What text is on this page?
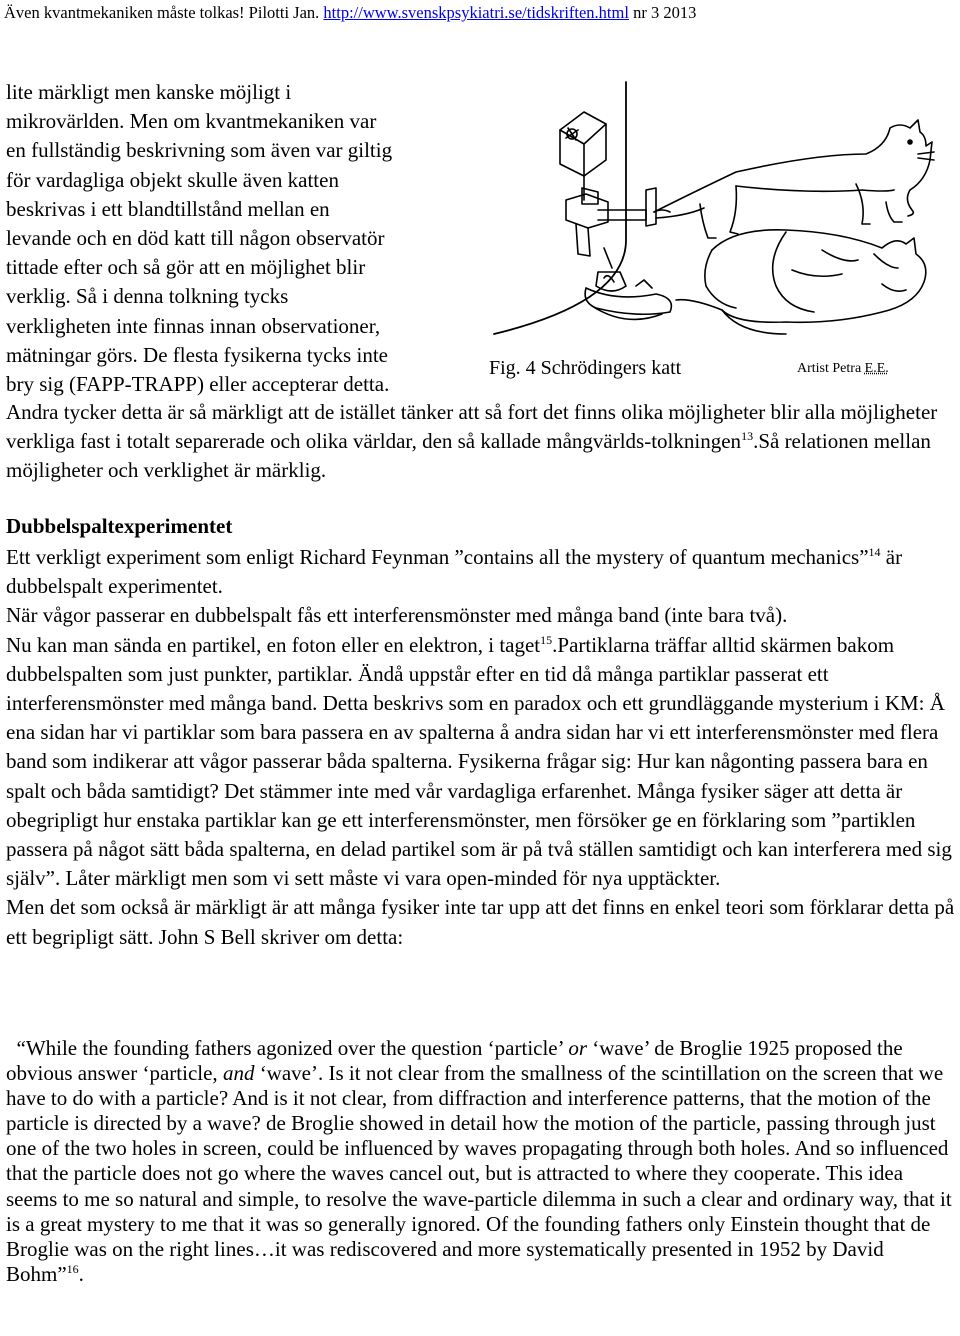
Även kvantmekaniken måste tolkas! Pilotti Jan. http://www.svenskpsykiatri.se/tidskriften.html nr 3 2013
lite märkligt men kanske möjligt i
mikrovärlden. Men om kvantmekaniken var
en fullständig beskrivning som även var giltig
för vardagliga objekt skulle även katten
beskrivas i ett blandtillstånd mellan en
levande och en död katt till någon observatör
tittade efter och så gör att en möjlighet blir
verklig. Så i denna tolkning tycks
verkligheten inte finnas innan observationer,
mätningar görs. De flesta fysikerna tycks inte
bry sig (FAPP-TRAPP) eller accepterar detta.
Fig. 4 Schrödingers katt	Artist Petra E.E.

Andra tycker detta är så märkligt att de istället tänker att så fort det finns olika möjligheter blir alla möjligheter verkliga fast i totalt separerade och olika världar, den så kallade mångvärlds-tolkningen$^{13}$.Så relationen mellan möjligheter och verklighet är märklig.

Dubbelspaltexperimentet

Ett verkligt experiment som enligt Richard Feynman ”contains all the mystery of quantum mechanics”$^{14}$ är dubbelspalt experimentet.

När vågor passerar en dubbelspalt fås ett interferensmönster med många band (inte bara två).

Nu kan man sända en partikel, en foton eller en elektron, i taget$^{15}$.Partiklarna träffar alltid skärmen bakom dubbelspalten som just punkter, partiklar. Ändå uppstår efter en tid då många partiklar passerat ett interferensmönster med många band. Detta beskrivs som en paradox och ett grundläggande mysterium i KM: Å ena sidan har vi partiklar som bara passera en av spalterna å andra sidan har vi ett interferensmönster med flera band som indikerar att vågor passerar båda spalterna. Fysikerna frågar sig: Hur kan någonting passera bara en spalt och båda samtidigt? Det stämmer inte med vår vardagliga erfarenhet. Många fysiker säger att detta är obegripligt hur enstaka partiklar kan ge ett interferensmönster, men försöker ge en förklaring som ”partiklen passera på något sätt båda spalterna, en delad partikel som är på två ställen samtidigt och kan interferera med sig själv”. Låter märkligt men som vi sett måste vi vara open-minded för nya upptäckter.

Men det som också är märkligt är att många fysiker inte tar upp att det finns en enkel teori som förklarar detta på ett begripligt sätt. John S Bell skriver om detta:

“While the founding fathers agonized over the question ‘particle’ or ‘wave’ de Broglie 1925 proposed the obvious answer ‘particle, and ‘wave’. Is it not clear from the smallness of the scintillation on the screen that we have to do with a particle? And is it not clear, from diffraction and interference patterns, that the motion of the particle is directed by a wave? de Broglie showed in detail how the motion of the particle, passing through just one of the two holes in screen, could be influenced by waves propagating through both holes. And so influenced that the particle does not go where the waves cancel out, but is attracted to where they cooperate. This idea seems to me so natural and simple, to resolve the wave-particle dilemma in such a clear and ordinary way, that it is a great mystery to me that it was so generally ignored. Of the founding fathers only Einstein thought that de Broglie was on the right lines…it was rediscovered and more systematically presented in 1952 by David Bohm”$^{16}$.
